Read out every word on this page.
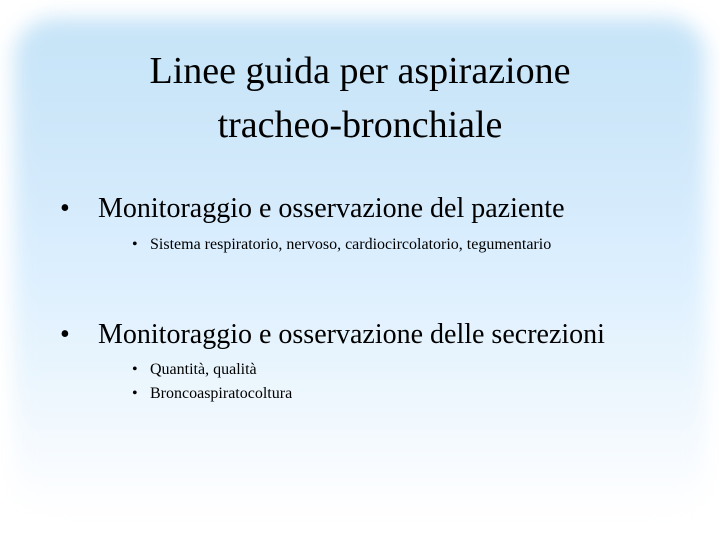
Linee guida per aspirazione
tracheo-bronchiale
•	Monitoraggio e osservazione del paziente
• Sistema respiratorio, nervoso, cardiocircolatorio, tegumentario
•	Monitoraggio e osservazione delle secrezioni
• Quantità, qualità
• Broncoaspiratocoltura
